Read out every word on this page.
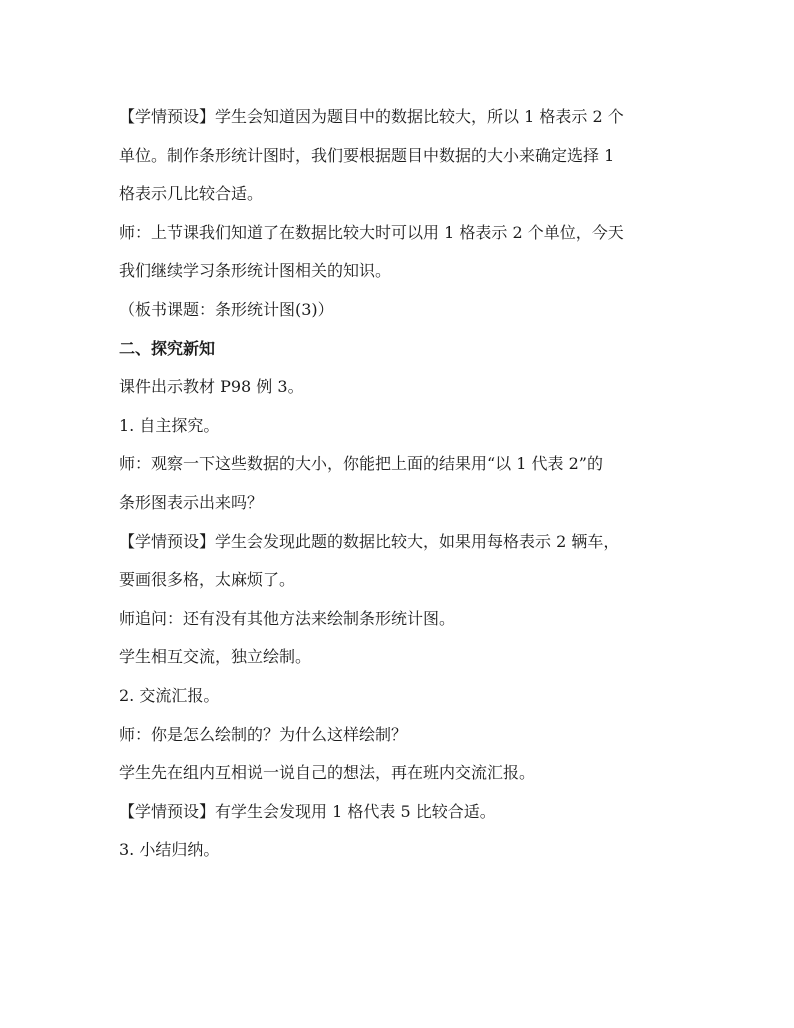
【学情预设】学生会知道因为题目中的数据比较大，所以 1 格表示 2 个
单位。制作条形统计图时，我们要根据题目中数据的大小来确定选择 1
格表示几比较合适。
师：上节课我们知道了在数据比较大时可以用 1 格表示 2 个单位，今天
我们继续学习条形统计图相关的知识。
（板书课题：条形统计图(3)）
二、探究新知
课件出示教材 P98 例 3。
1. 自主探究。
师：观察一下这些数据的大小，你能把上面的结果用“以 1 代表 2”的
条形图表示出来吗？
【学情预设】学生会发现此题的数据比较大，如果用每格表示 2 辆车，
要画很多格，太麻烦了。
师追问：还有没有其他方法来绘制条形统计图。
学生相互交流，独立绘制。
2. 交流汇报。
师：你是怎么绘制的？为什么这样绘制？
学生先在组内互相说一说自己的想法，再在班内交流汇报。
【学情预设】有学生会发现用 1 格代表 5 比较合适。
3. 小结归纳。
